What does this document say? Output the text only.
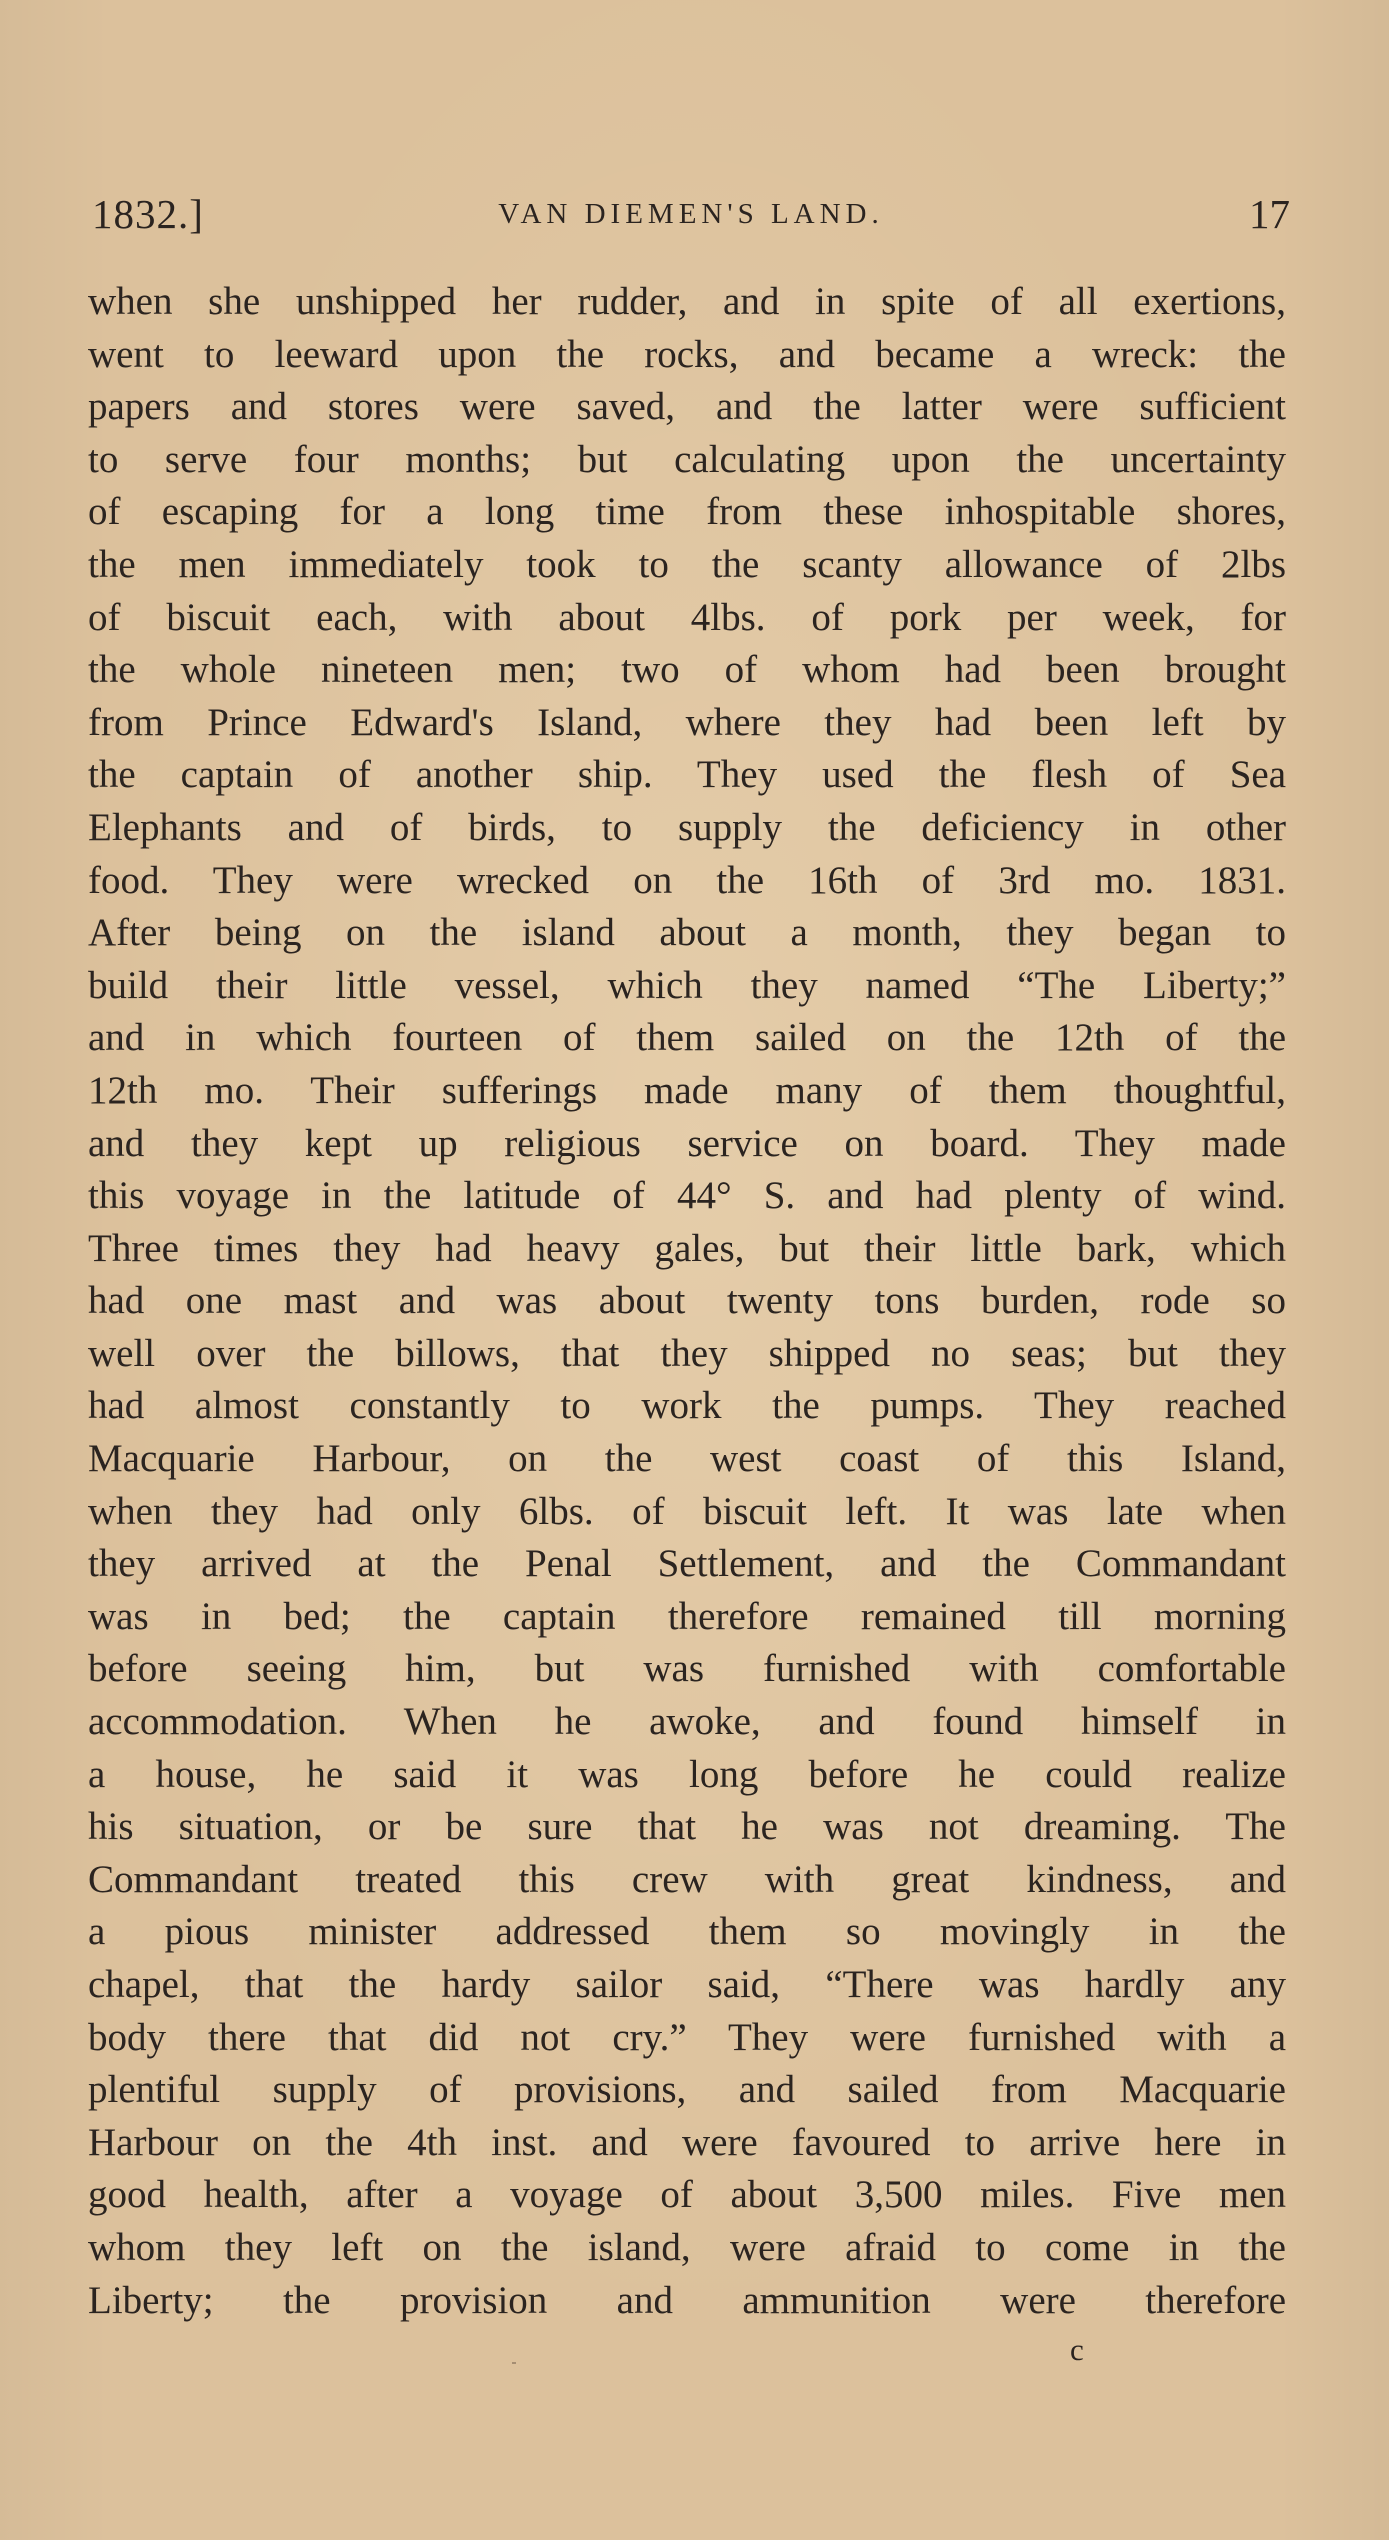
1832.]	VAN DIEMEN'S LAND.	17
when she unshipped her rudder, and in spite of all exertions,
went to leeward upon the rocks, and became a wreck: the
papers and stores were saved, and the latter were sufficient
to serve four months; but calculating upon the uncertainty
of escaping for a long time from these inhospitable shores,
the men immediately took to the scanty allowance of 2lbs
of biscuit each, with about 4lbs. of pork per week, for
the whole nineteen men; two of whom had been brought
from Prince Edward's Island, where they had been left by
the captain of another ship. They used the flesh of Sea
Elephants and of birds, to supply the deficiency in other
food. They were wrecked on the 16th of 3rd mo. 1831.
After being on the island about a month, they began to
build their little vessel, which they named “The Liberty;”
and in which fourteen of them sailed on the 12th of the
12th mo. Their sufferings made many of them thoughtful,
and they kept up religious service on board. They made
this voyage in the latitude of 44° S. and had plenty of wind.
Three times they had heavy gales, but their little bark, which
had one mast and was about twenty tons burden, rode so
well over the billows, that they shipped no seas; but they
had almost constantly to work the pumps. They reached
Macquarie Harbour, on the west coast of this Island,
when they had only 6lbs. of biscuit left. It was late when
they arrived at the Penal Settlement, and the Commandant
was in bed; the captain therefore remained till morning
before seeing him, but was furnished with comfortable
accommodation. When he awoke, and found himself in
a house, he said it was long before he could realize
his situation, or be sure that he was not dreaming. The
Commandant treated this crew with great kindness, and
a pious minister addressed them so movingly in the
chapel, that the hardy sailor said, “There was hardly any
body there that did not cry.” They were furnished with a
plentiful supply of provisions, and sailed from Macquarie
Harbour on the 4th inst. and were favoured to arrive here in
good health, after a voyage of about 3,500 miles. Five men
whom they left on the island, were afraid to come in the
Liberty; the provision and ammunition were therefore
c
